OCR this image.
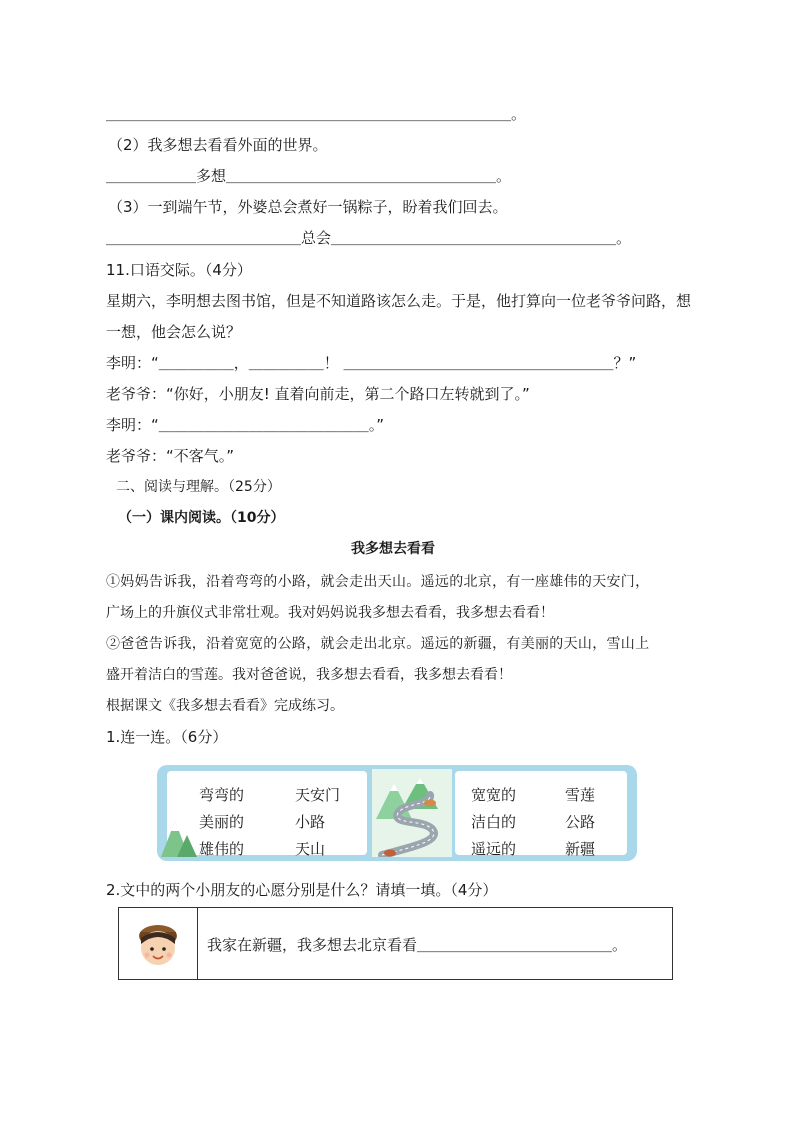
＿＿＿＿＿＿＿＿＿＿＿＿＿＿＿＿＿＿＿＿＿＿＿＿＿＿＿。
（2）我多想去看看外面的世界。
＿＿＿＿＿＿多想＿＿＿＿＿＿＿＿＿＿＿＿＿＿＿＿＿＿。
（3）一到端午节，外婆总会煮好一锅粽子，盼着我们回去。
＿＿＿＿＿＿＿＿＿＿＿＿＿总会＿＿＿＿＿＿＿＿＿＿＿＿＿＿＿＿＿＿＿。
11.口语交际。（4分）
星期六，李明想去图书馆，但是不知道路该怎么走。于是，他打算向一位老爷爷问路，想
一想，他会怎么说？
李明：“＿＿＿＿＿，＿＿＿＿＿！ ＿＿＿＿＿＿＿＿＿＿＿＿＿＿＿＿＿＿？”
老爷爷：“你好，小朋友! 直着向前走，第二个路口左转就到了。”
李明：“＿＿＿＿＿＿＿＿＿＿＿＿＿＿。”
老爷爷：“不客气。”
二、阅读与理解。（25分）
（一）课内阅读。（10分）
我多想去看看
①妈妈告诉我，沿着弯弯的小路，就会走出天山。遥远的北京，有一座雄伟的天安门，
广场上的升旗仪式非常壮观。我对妈妈说我多想去看看，我多想去看看！
②爸爸告诉我，沿着宽宽的公路，就会走出北京。遥远的新疆，有美丽的天山，雪山上
盛开着洁白的雪莲。我对爸爸说，我多想去看看，我多想去看看！
根据课文《我多想去看看》完成练习。
1.连一连。（6分）
弯弯的
美丽的
雄伟的
天安门
小路
天山
宽宽的
洁白的
遥远的
雪莲
公路
新疆
2.文中的两个小朋友的心愿分别是什么？请填一填。（4分）
我家在新疆，我多想去北京看看＿＿＿＿＿＿＿＿＿＿＿＿＿。
